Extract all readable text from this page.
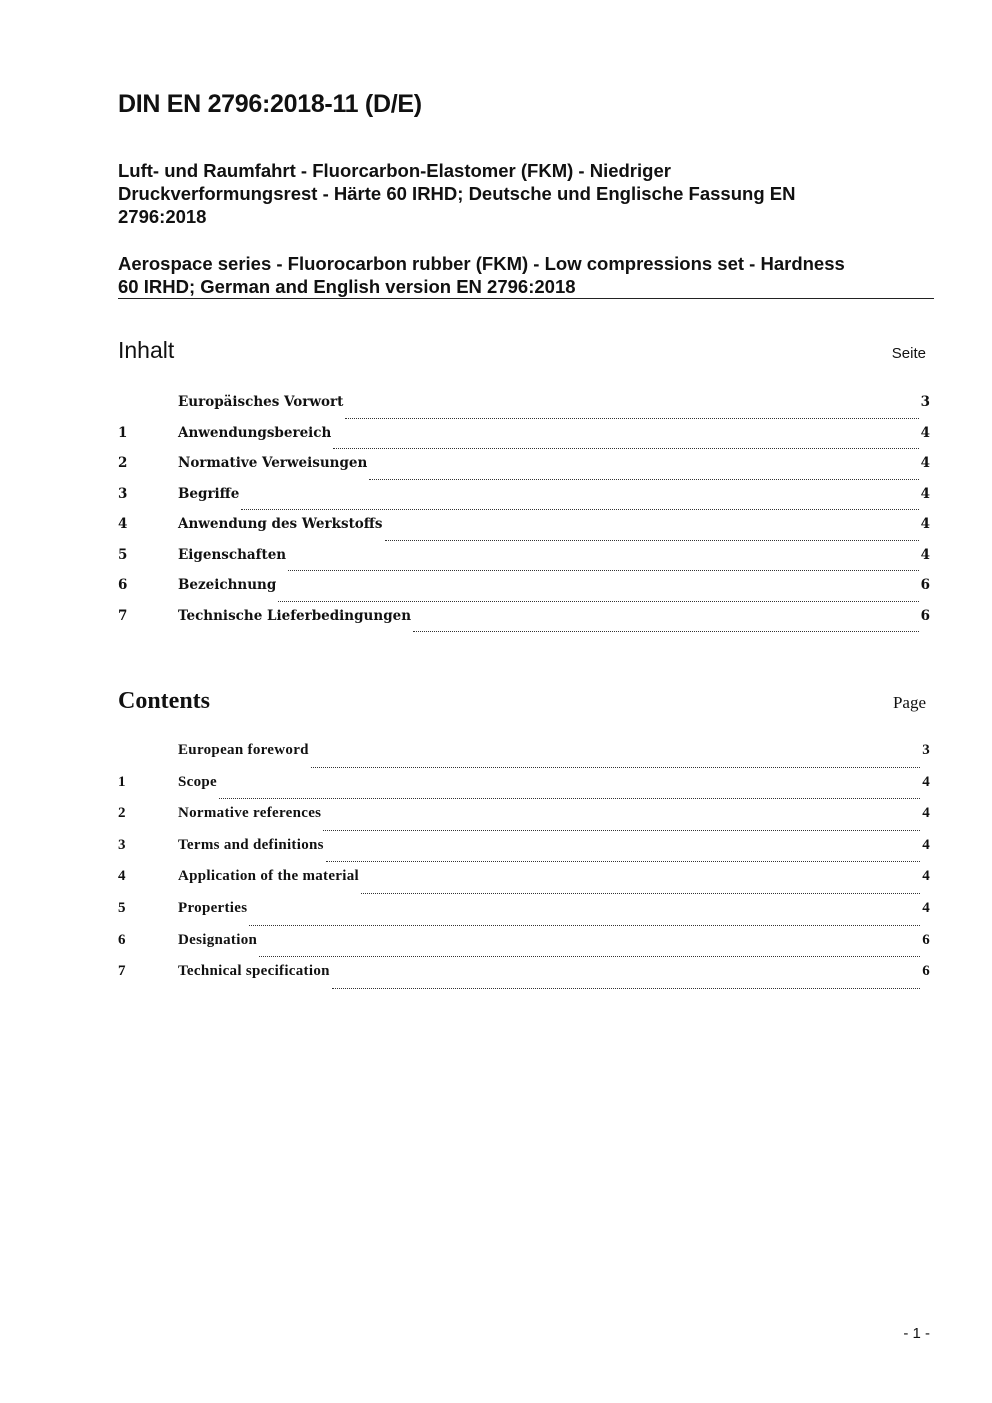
DIN EN 2796:2018-11 (D/E)
Luft- und Raumfahrt - Fluorcarbon-Elastomer (FKM) - Niedriger
Druckverformungsrest - Härte 60 IRHD; Deutsche und Englische Fassung EN
2796:2018
Aerospace series - Fluorocarbon rubber (FKM) - Low compressions set - Hardness
60 IRHD; German and English version EN 2796:2018
Inhalt	Seite
Europäisches Vorwort	3
1	Anwendungsbereich	4
2	Normative Verweisungen	4
3	Begriffe	4
4	Anwendung des Werkstoffs	4
5	Eigenschaften	4
6	Bezeichnung	6
7	Technische Lieferbedingungen	6
Contents	Page
European foreword	3
1	Scope	4
2	Normative references	4
3	Terms and definitions	4
4	Application of the material	4
5	Properties	4
6	Designation	6
7	Technical specification	6
- 1 -
